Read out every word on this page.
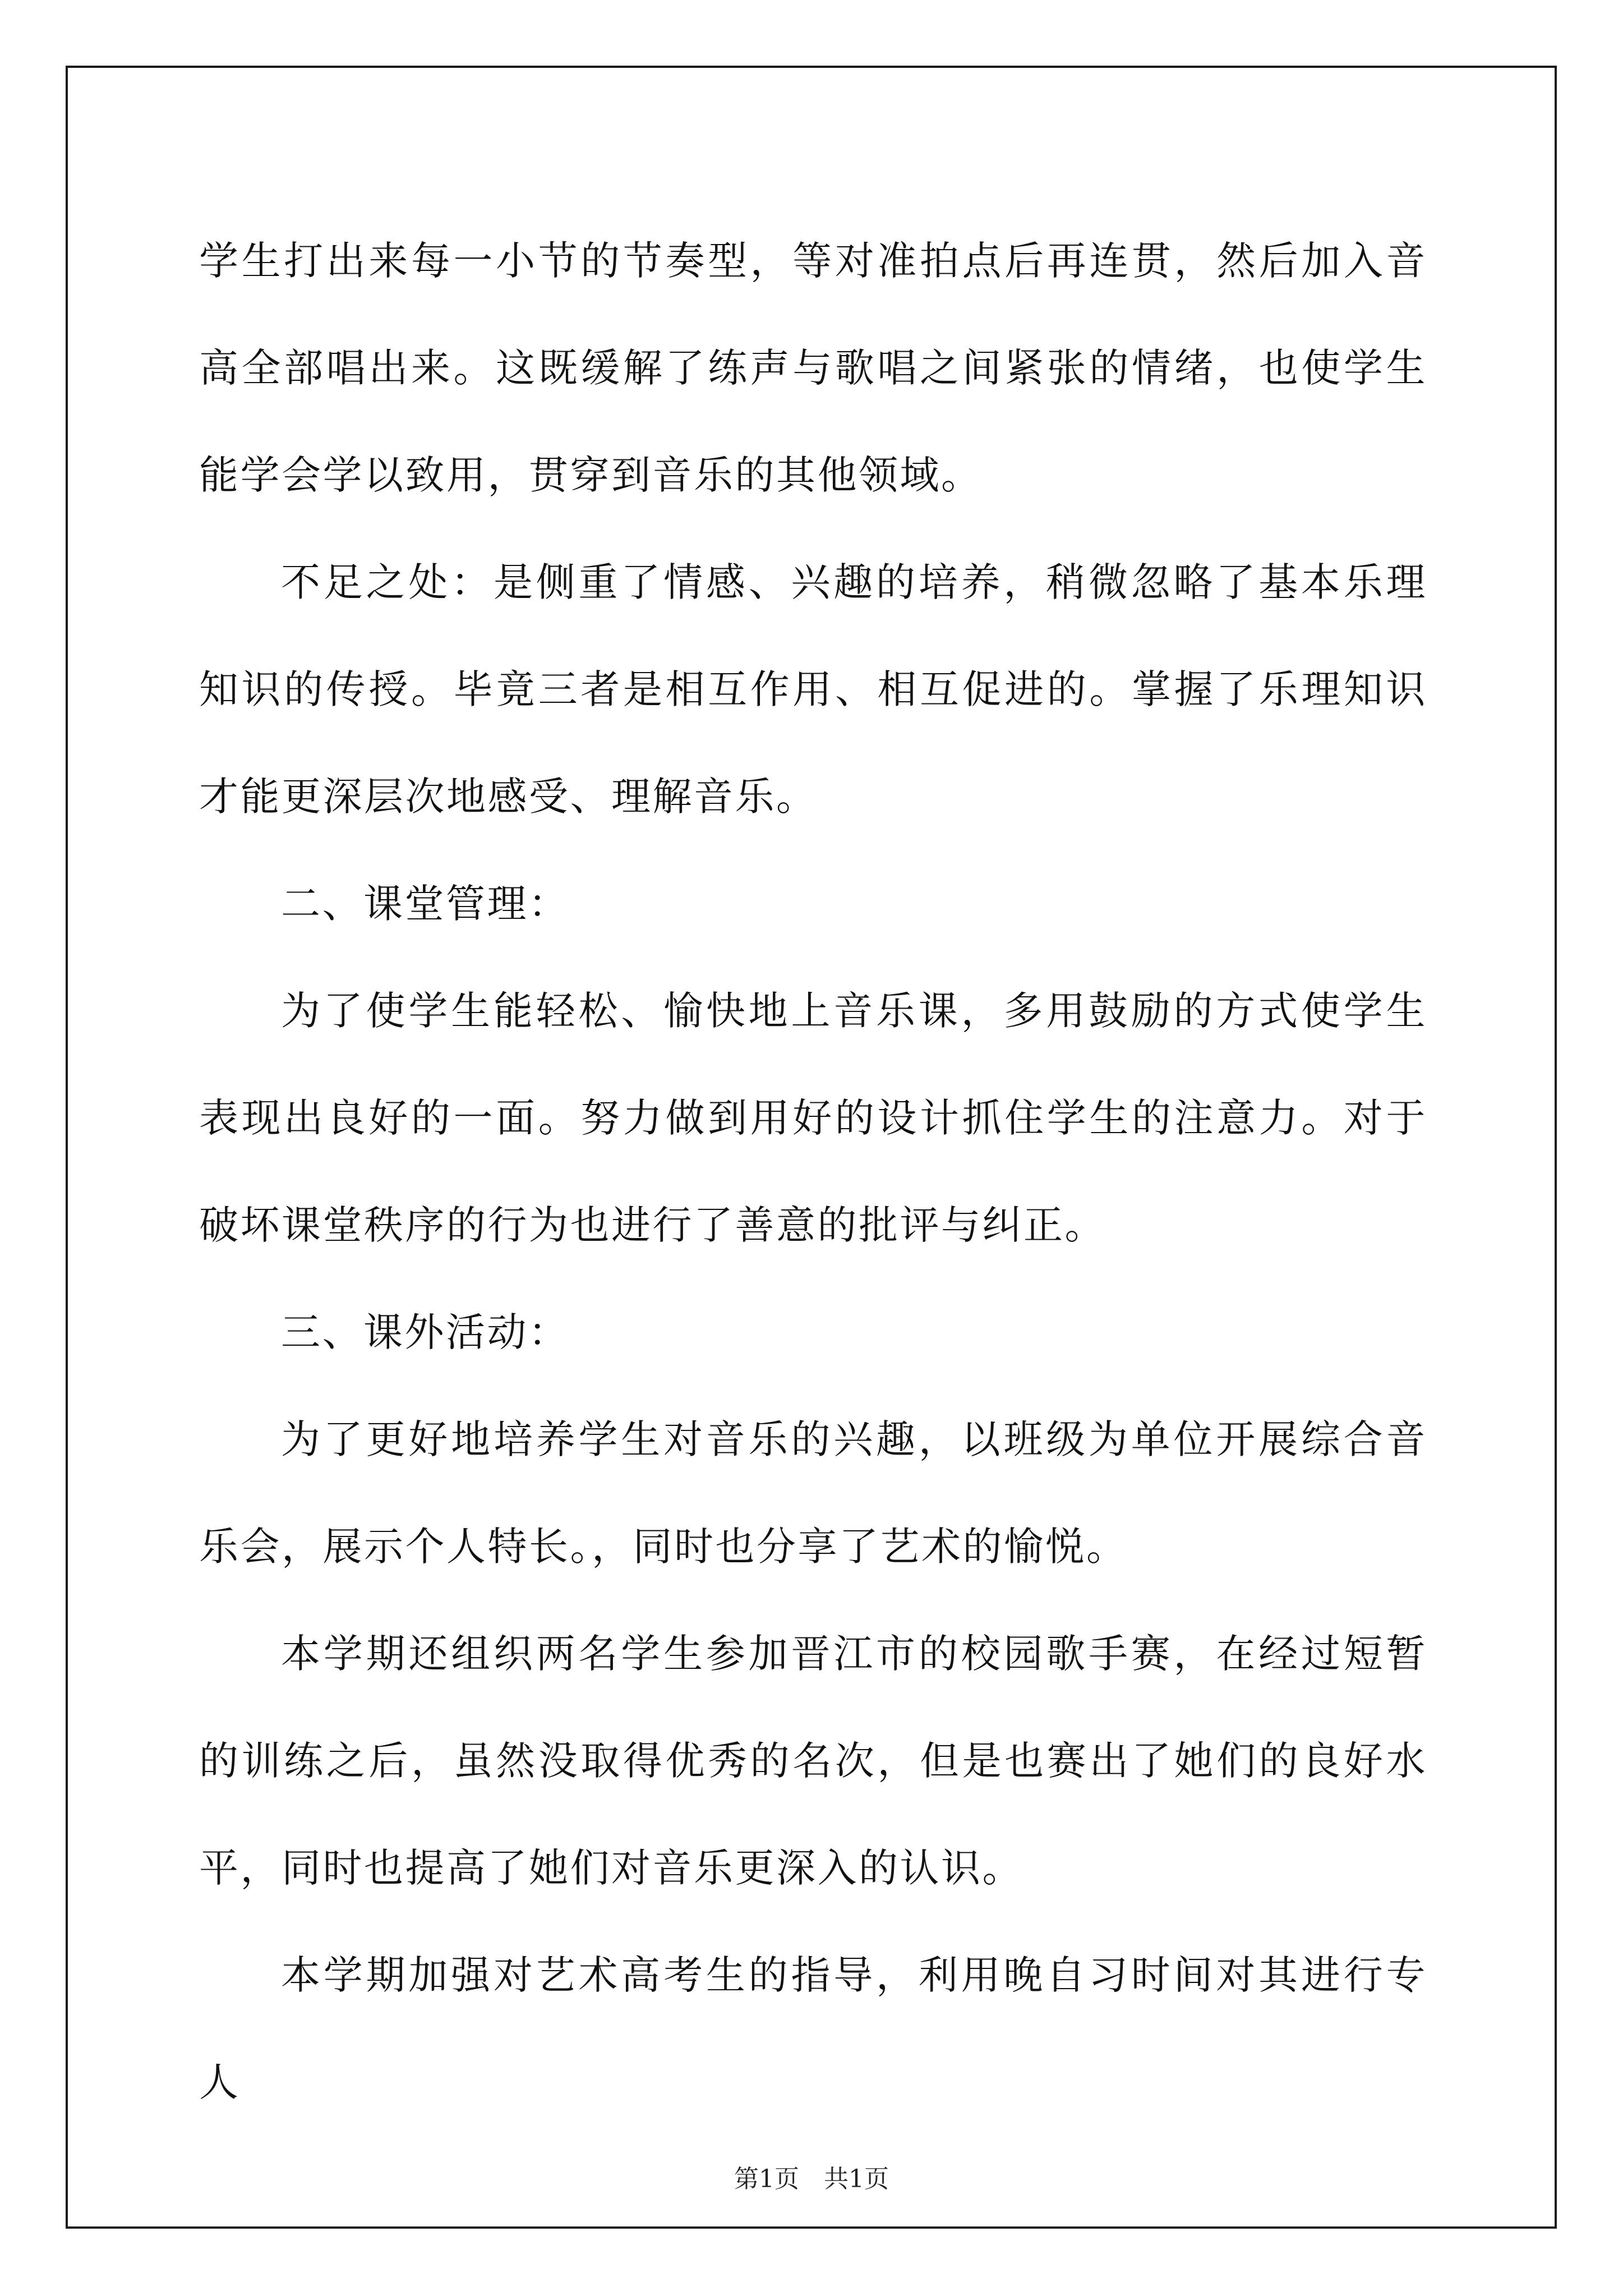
学生打出来每一小节的节奏型，等对准拍点后再连贯，然后加入音高全部唱出来。这既缓解了练声与歌唱之间紧张的情绪，也使学生能学会学以致用，贯穿到音乐的其他领域。

不足之处：是侧重了情感、兴趣的培养，稍微忽略了基本乐理知识的传授。毕竟三者是相互作用、相互促进的。掌握了乐理知识才能更深层次地感受、理解音乐。

二、课堂管理：

为了使学生能轻松、愉快地上音乐课，多用鼓励的方式使学生表现出良好的一面。努力做到用好的设计抓住学生的注意力。对于破坏课堂秩序的行为也进行了善意的批评与纠正。

三、课外活动：

为了更好地培养学生对音乐的兴趣，以班级为单位开展综合音乐会，展示个人特长。，同时也分享了艺术的愉悦。

本学期还组织两名学生参加晋江市的校园歌手赛，在经过短暂的训练之后，虽然没取得优秀的名次，但是也赛出了她们的良好水平，同时也提高了她们对音乐更深入的认识。

本学期加强对艺术高考生的指导，利用晚自习时间对其进行专人

第1页　共1页
